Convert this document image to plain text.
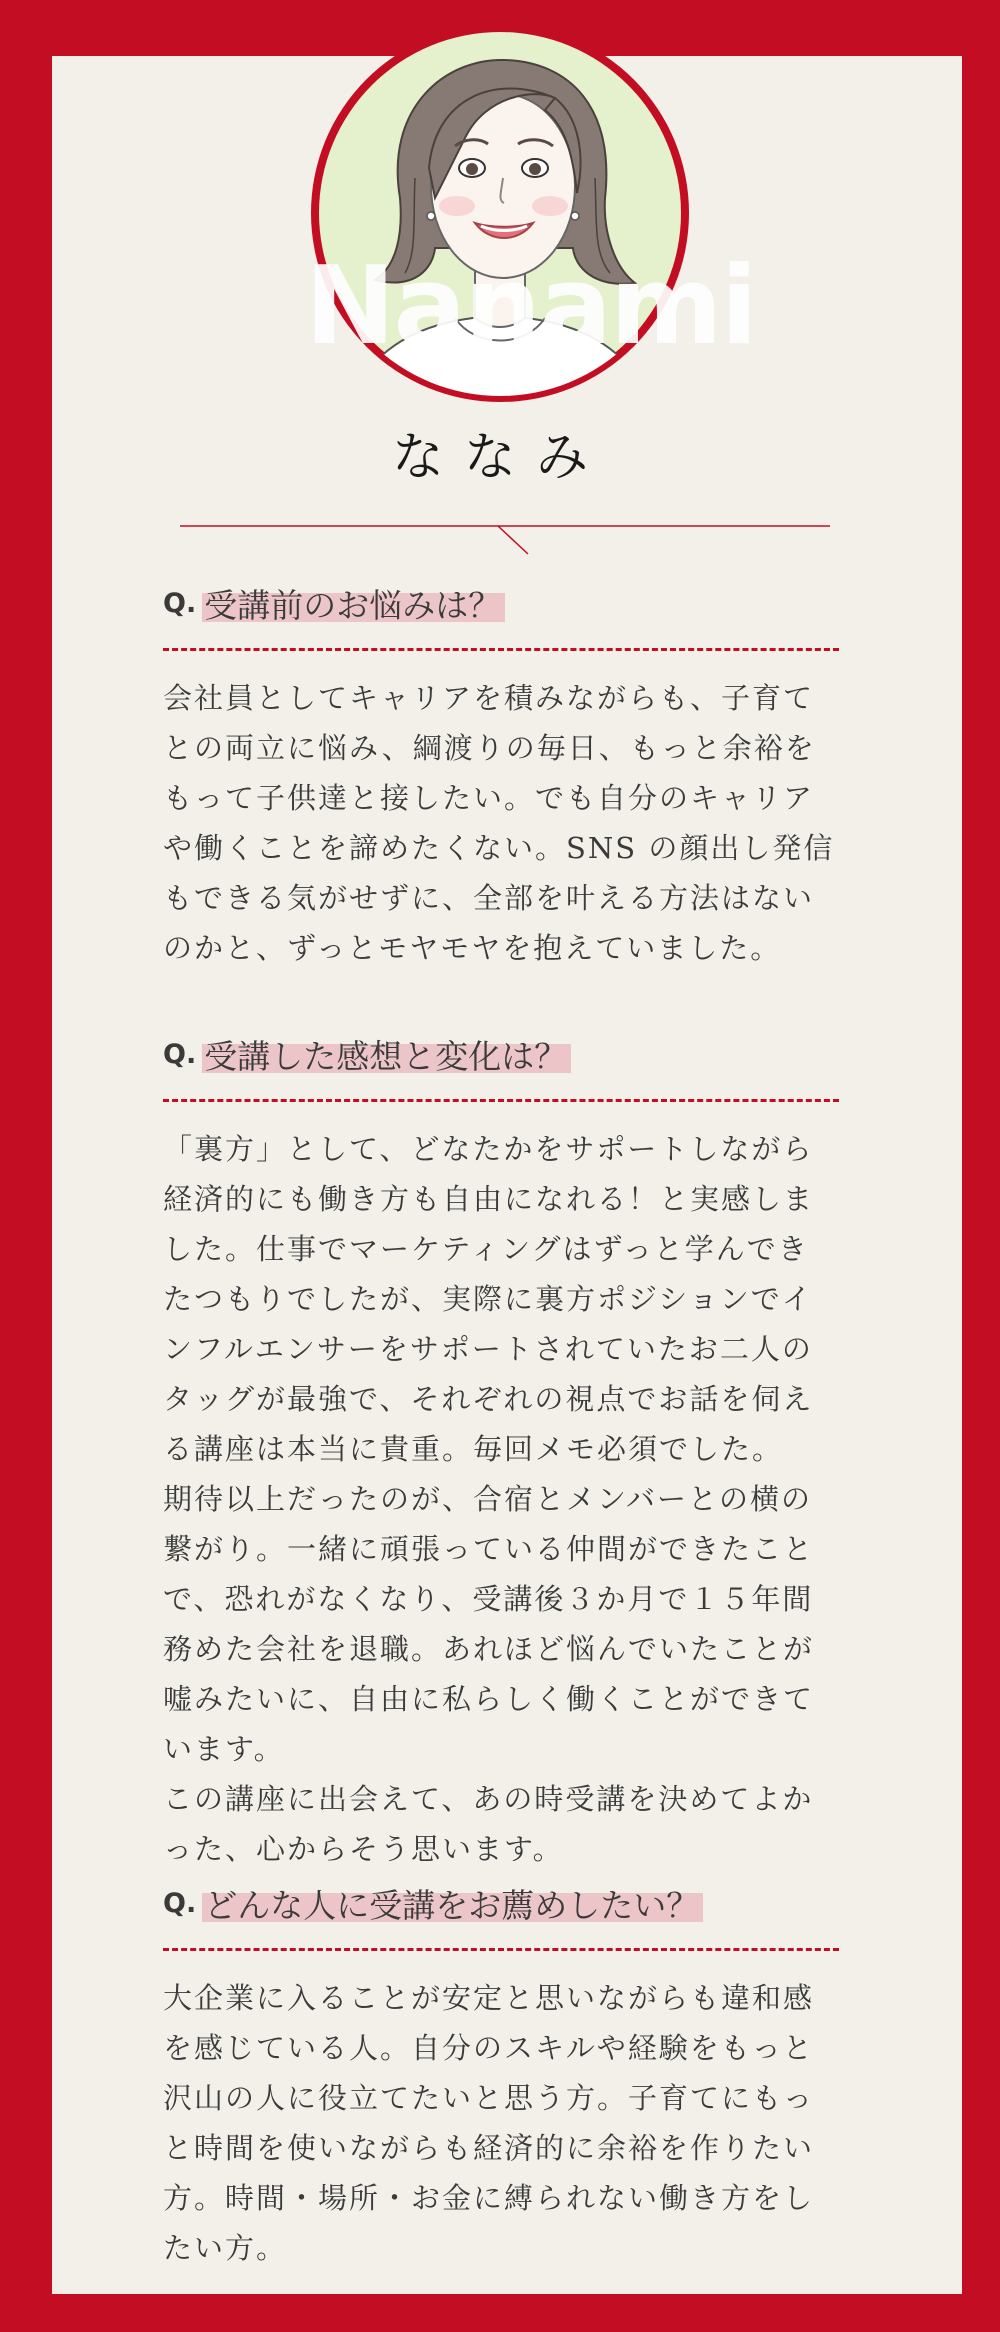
Nanami
ななみ
Q. 受講前のお悩みは？
会社員としてキャリアを積みながらも、子育てとの両立に悩み、綱渡りの毎日、もっと余裕をもって子供達と接したい。でも自分のキャリアや働くことを諦めたくない。SNS の顔出し発信もできる気がせずに、全部を叶える方法はないのかと、ずっとモヤモヤを抱えていました。
Q. 受講した感想と変化は？
「裏方」として、どなたかをサポートしながら経済的にも働き方も自由になれる！と実感しました。仕事でマーケティングはずっと学んできたつもりでしたが、実際に裏方ポジションでインフルエンサーをサポートされていたお二人のタッグが最強で、それぞれの視点でお話を伺える講座は本当に貴重。毎回メモ必須でした。
期待以上だったのが、合宿とメンバーとの横の繋がり。一緒に頑張っている仲間ができたことで、恐れがなくなり、受講後３か月で１５年間務めた会社を退職。あれほど悩んでいたことが嘘みたいに、自由に私らしく働くことができています。
この講座に出会えて、あの時受講を決めてよかった、心からそう思います。
Q. どんな人に受講をお薦めしたい？
大企業に入ることが安定と思いながらも違和感を感じている人。自分のスキルや経験をもっと沢山の人に役立てたいと思う方。子育てにもっと時間を使いながらも経済的に余裕を作りたい方。時間・場所・お金に縛られない働き方をしたい方。
